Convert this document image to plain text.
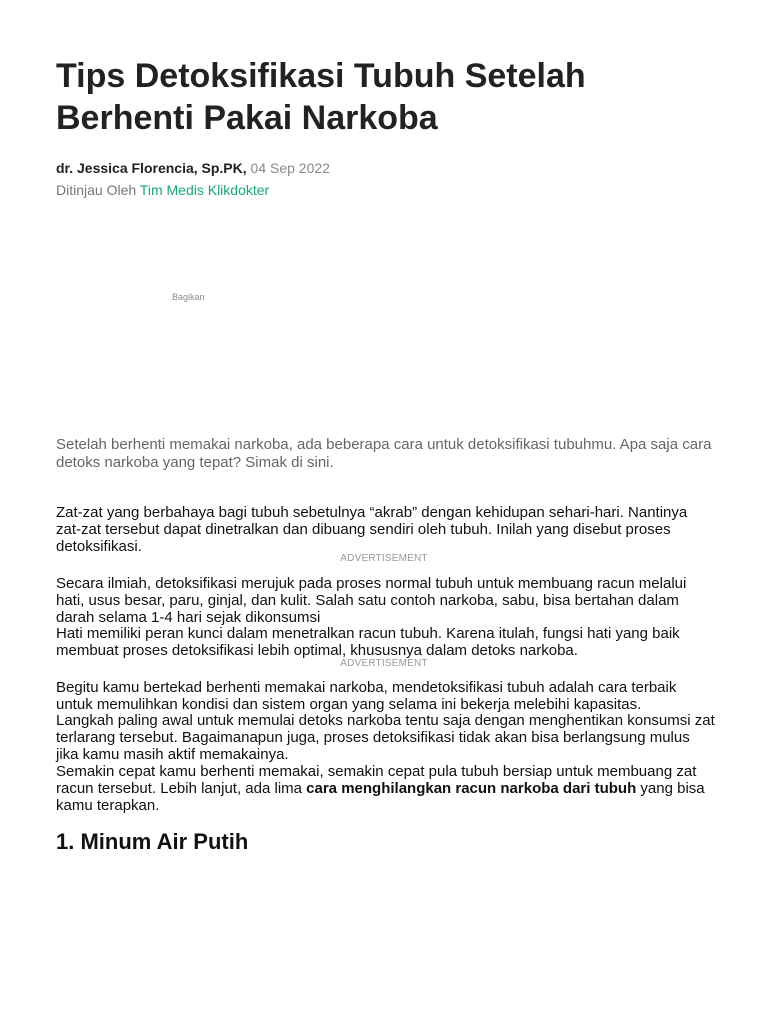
Tips Detoksifikasi Tubuh Setelah Berhenti Pakai Narkoba
dr. Jessica Florencia, Sp.PK, 04 Sep 2022
Ditinjau Oleh Tim Medis Klikdokter
Bagikan

Setelah berhenti memakai narkoba, ada beberapa cara untuk detoksifikasi tubuhmu. Apa saja cara detoks narkoba yang tepat? Simak di sini.

Zat-zat yang berbahaya bagi tubuh sebetulnya “akrab” dengan kehidupan sehari-hari. Nantinya zat-zat tersebut dapat dinetralkan dan dibuang sendiri oleh tubuh. Inilah yang disebut proses detoksifikasi.

ADVERTISEMENT

Secara ilmiah, detoksifikasi merujuk pada proses normal tubuh untuk membuang racun melalui hati, usus besar, paru, ginjal, dan kulit. Salah satu contoh narkoba, sabu, bisa bertahan dalam darah selama 1-4 hari sejak dikonsumsi

Hati memiliki peran kunci dalam menetralkan racun tubuh. Karena itulah, fungsi hati yang baik membuat proses detoksifikasi lebih optimal, khususnya dalam detoks narkoba.

ADVERTISEMENT

Begitu kamu bertekad berhenti memakai narkoba, mendetoksifikasi tubuh adalah cara terbaik untuk memulihkan kondisi dan sistem organ yang selama ini bekerja melebihi kapasitas.

Langkah paling awal untuk memulai detoks narkoba tentu saja dengan menghentikan konsumsi zat terlarang tersebut. Bagaimanapun juga, proses detoksifikasi tidak akan bisa berlangsung mulus jika kamu masih aktif memakainya.

Semakin cepat kamu berhenti memakai, semakin cepat pula tubuh bersiap untuk membuang zat racun tersebut. Lebih lanjut, ada lima cara menghilangkan racun narkoba dari tubuh yang bisa kamu terapkan.

1. Minum Air Putih
